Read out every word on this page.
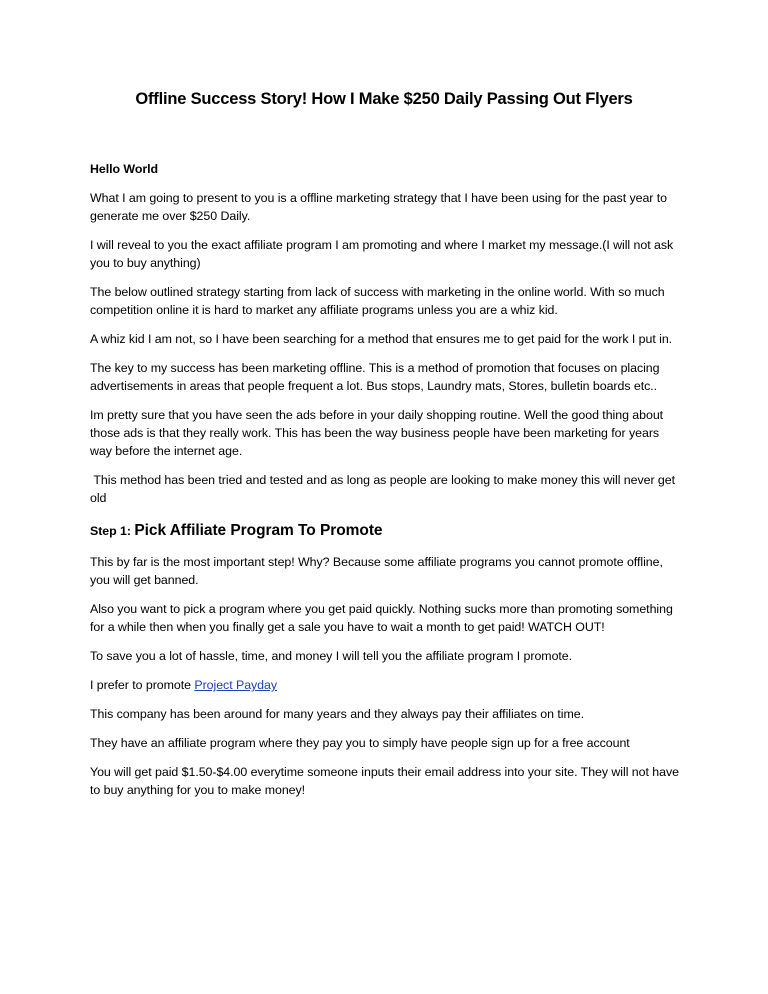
Offline Success Story! How I Make $250 Daily Passing Out Flyers

Hello World

What I am going to present to you is a offline marketing strategy that I have been using for the past year to generate me over $250 Daily.

I will reveal to you the exact affiliate program I am promoting and where I market my message.(I will not ask you to buy anything)

The below outlined strategy starting from lack of success with marketing in the online world. With so much competition online it is hard to market any affiliate programs unless you are a whiz kid.

A whiz kid I am not, so I have been searching for a method that ensures me to get paid for the work I put in.

The key to my success has been marketing offline. This is a method of promotion that focuses on placing advertisements in areas that people frequent a lot. Bus stops, Laundry mats, Stores, bulletin boards etc..

Im pretty sure that you have seen the ads before in your daily shopping routine. Well the good thing about those ads is that they really work. This has been the way business people have been marketing for years way before the internet age.

This method has been tried and tested and as long as people are looking to make money this will never get old

Step 1: Pick Affiliate Program To Promote

This by far is the most important step! Why? Because some affiliate programs you cannot promote offline, you will get banned.

Also you want to pick a program where you get paid quickly. Nothing sucks more than promoting something for a while then when you finally get a sale you have to wait a month to get paid! WATCH OUT!

To save you a lot of hassle, time, and money I will tell you the affiliate program I promote.

I prefer to promote Project Payday

This company has been around for many years and they always pay their affiliates on time.

They have an affiliate program where they pay you to simply have people sign up for a free account

You will get paid $1.50-$4.00 everytime someone inputs their email address into your site. They will not have to buy anything for you to make money!
